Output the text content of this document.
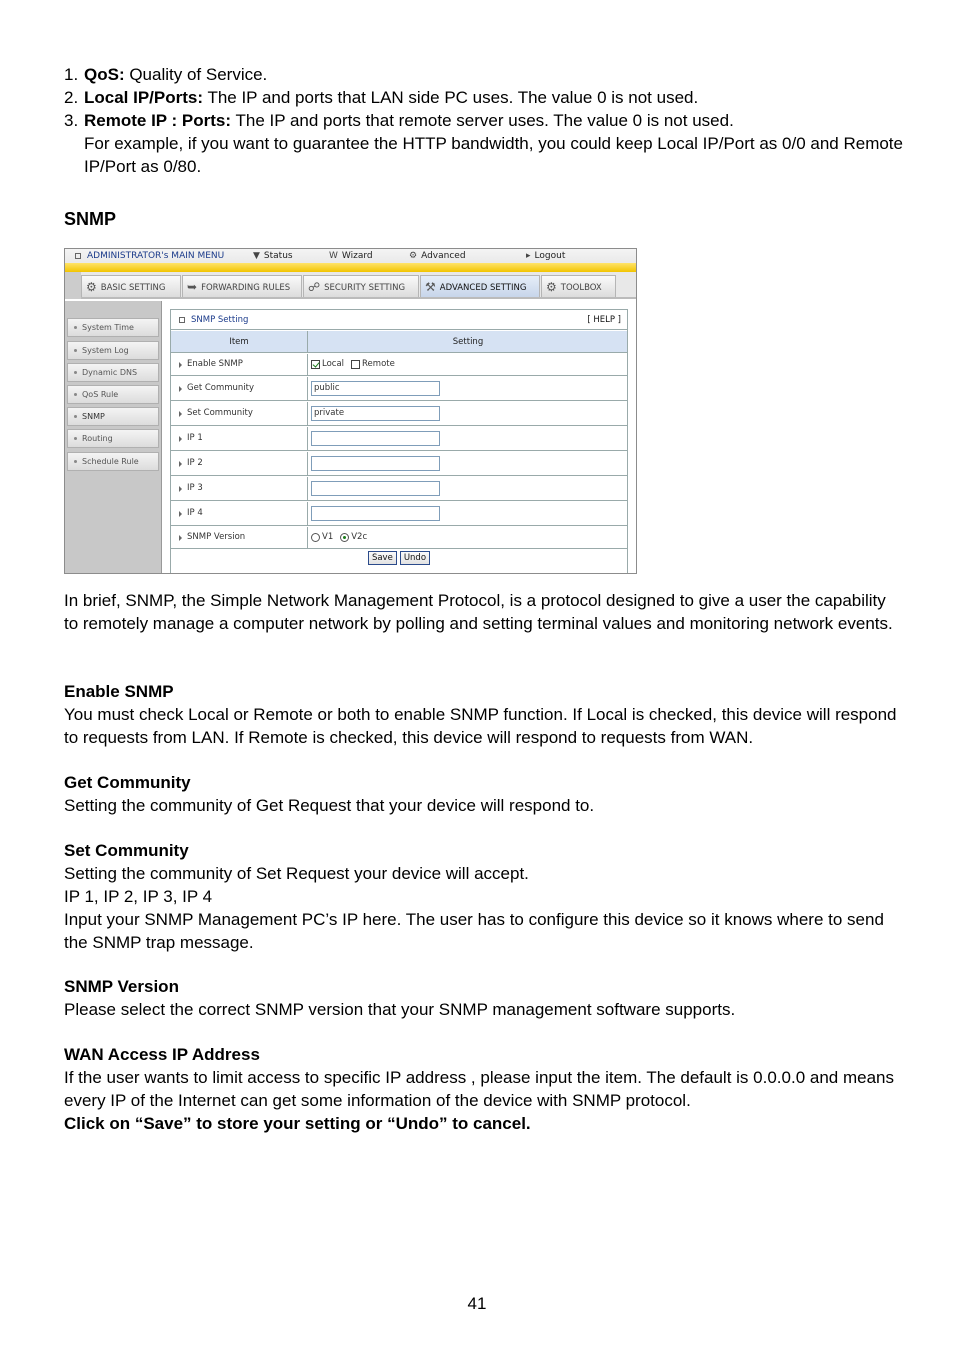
1. QoS: Quality of Service.
2. Local IP/Ports: The IP and ports that LAN side PC uses. The value 0 is not used.
3. Remote IP : Ports: The IP and ports that remote server uses. The value 0 is not used.
For example, if you want to guarantee the HTTP bandwidth, you could keep Local IP/Port as 0/0 and Remote IP/Port as 0/80.
SNMP
ADMINISTRATOR's MAIN MENU	▼ Status	W Wizard	⚙ Advanced	▸ Logout
⚙ BASIC SETTING	➥ FORWARDING RULES	☍ SECURITY SETTING	⚒ ADVANCED SETTING	⚙ TOOLBOX
System Time
System Log
Dynamic DNS
QoS Rule
SNMP
Routing
Schedule Rule
SNMP Setting	[ HELP ]
Item	Setting
Enable SNMP	Local Remote
Get Community	public
Set Community	private
IP 1
IP 2
IP 3
IP 4
SNMP Version	V1 V2c
Save	Undo
In brief, SNMP, the Simple Network Management Protocol, is a protocol designed to give a user the capability to remotely manage a computer network by polling and setting terminal values and monitoring network events.
Enable SNMP
You must check Local or Remote or both to enable SNMP function. If Local is checked, this device will respond to requests from LAN. If Remote is checked, this device will respond to requests from WAN.
Get Community
Setting the community of Get Request that your device will respond to.
Set Community
Setting the community of Set Request your device will accept.
IP 1, IP 2, IP 3, IP 4
Input your SNMP Management PC’s IP here. The user has to configure this device so it knows where to send the SNMP trap message.
SNMP Version
Please select the correct SNMP version that your SNMP management software supports.
WAN Access IP Address
If the user wants to limit access to specific IP address , please input the item. The default is 0.0.0.0 and means every IP of the Internet can get some information of the device with SNMP protocol.
Click on “Save” to store your setting or “Undo” to cancel.
41
